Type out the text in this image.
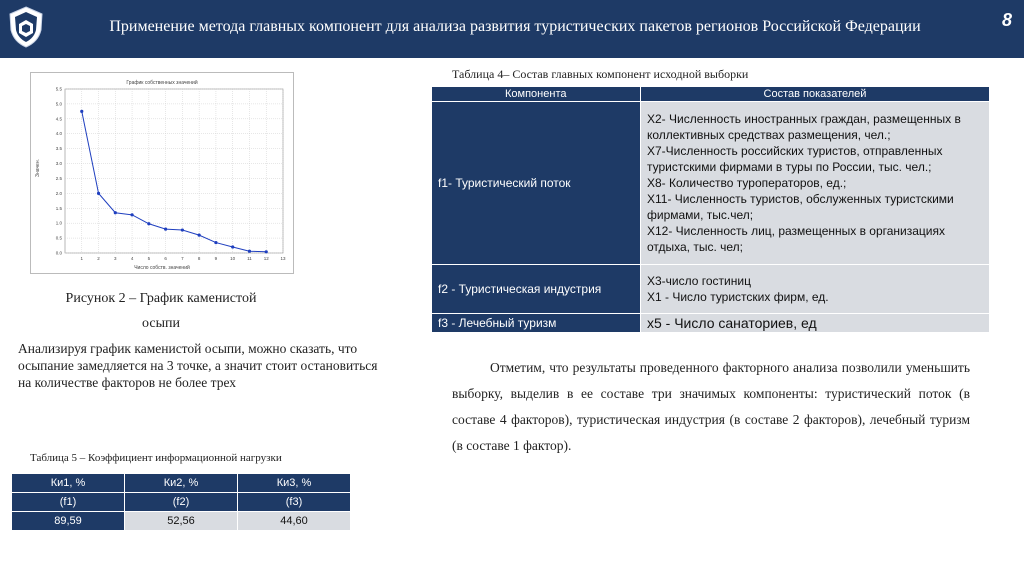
Применение метода главных компонент для анализа развития туристических пакетов регионов Российской Федерации	8
График собственных значений
Число собств. значений
Значен.
0.0
0.5
1.0
1.5
2.0
2.5
3.0
3.5
4.0
4.5
5.0
5.5
1	2	3	4	5	6	7	8	9	10	11	12	13
Рисунок 2 – График каменистой
осыпи
Анализируя график каменистой осыпи, можно сказать, что осыпание замедляется на 3 точке, а значит стоит остановиться на количестве факторов не более трех
Таблица 5 – Коэффициент информационной нагрузки
Ки1, %	Ки2, %	Ки3, %
(f1)	(f2)	(f3)
89,59	52,56	44,60
Таблица 4– Состав главных компонент исходной выборки
Компонента	Состав показателей
f1- Туристический поток	Х2- Численность иностранных граждан, размещенных в коллективных средствах размещения, чел.;
Х7-Численность российских туристов, отправленных туристскими фирмами в туры по России, тыс. чел.;
Х8- Количество туроператоров, ед.;
Х11- Численность туристов, обслуженных туристскими фирмами, тыс.чел;
Х12- Численность лиц, размещенных в организациях отдыха, тыс. чел;

f2 - Туристическая индустрия	Х3-число гостиниц
Х1 - Число туристских фирм, ед.

f3 - Лечебный туризм	x5 - Число санаториев, ед
Отметим, что результаты проведенного факторного анализа позволили уменьшить выборку, выделив в ее составе три значимых компоненты: туристический поток (в составе 4 факторов), туристическая индустрия (в составе 2 факторов), лечебный туризм (в составе 1 фактор).
